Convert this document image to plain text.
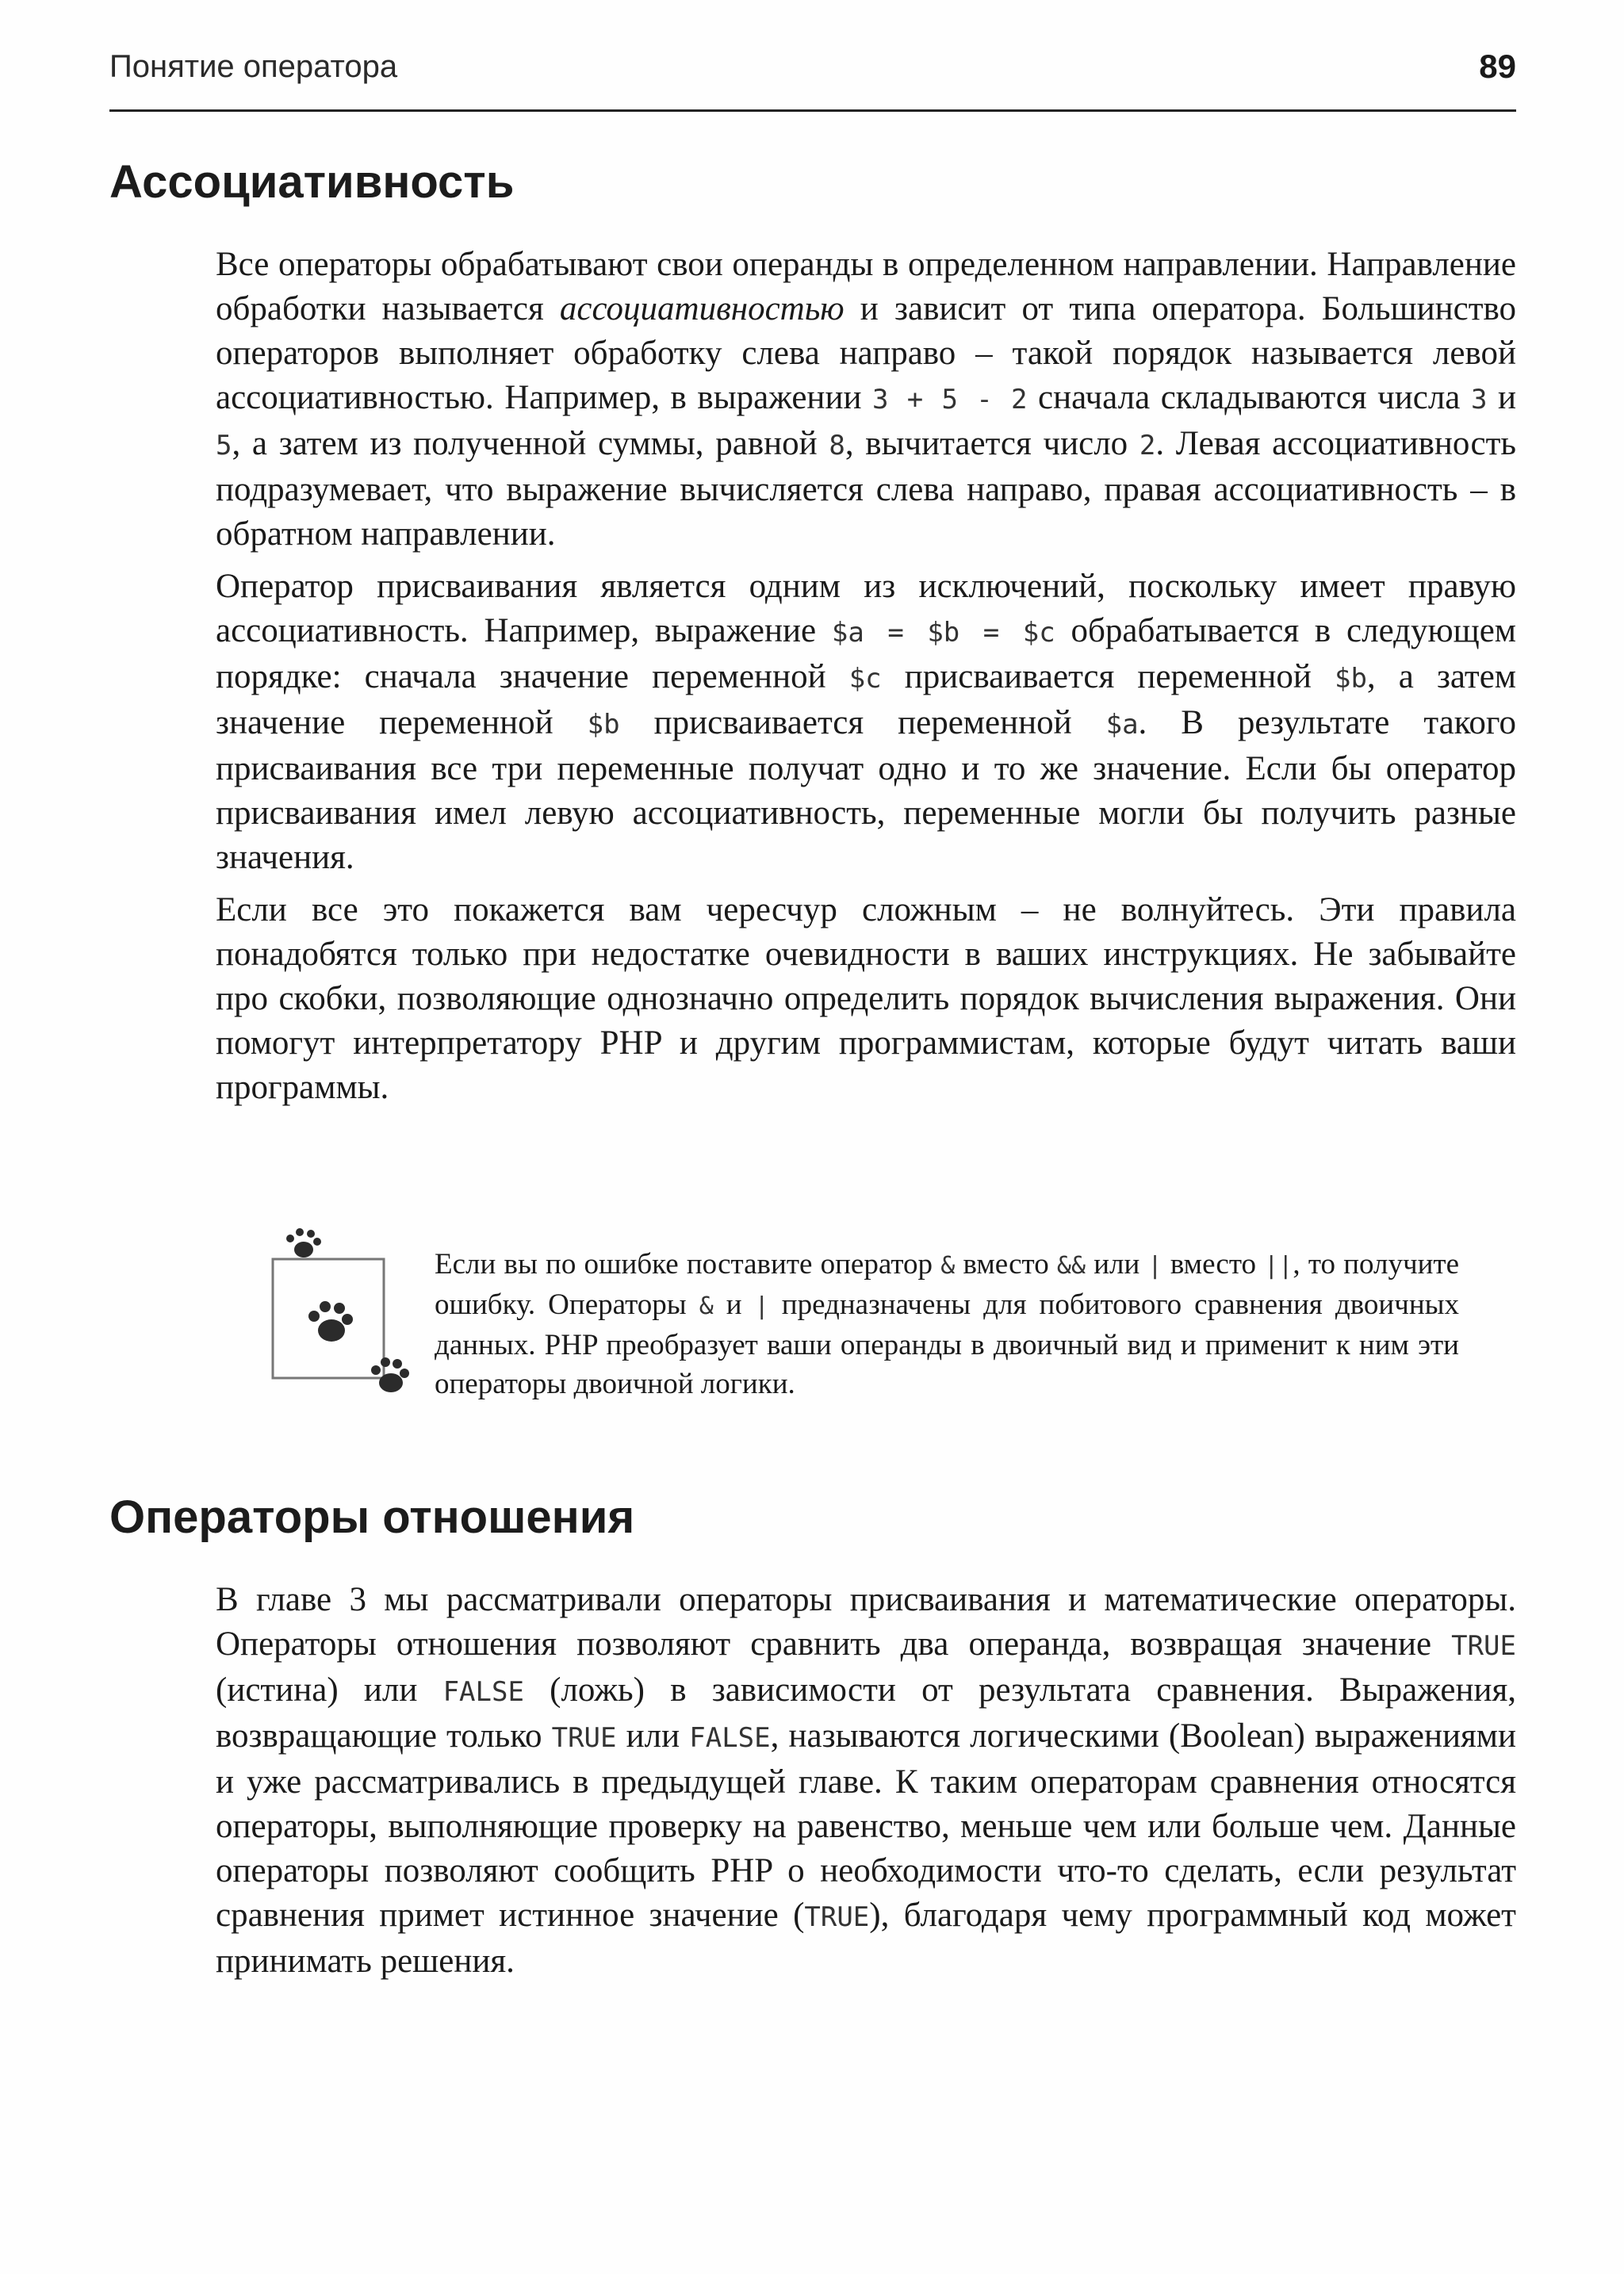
Понятие оператора	89
Ассоциативность

Все операторы обрабатывают свои операнды в определенном направлении. Направление обработки называется ассоциативностью и зависит от типа оператора. Большинство операторов выполняет обработку слева направо – такой порядок называется левой ассоциативностью. Например, в выражении 3 + 5 - 2 сначала складываются числа 3 и 5, а затем из полученной суммы, равной 8, вычитается число 2. Левая ассоциативность подразумевает, что выражение вычисляется слева направо, правая ассоциативность – в обратном направлении.

Оператор присваивания является одним из исключений, поскольку имеет правую ассоциативность. Например, выражение $a = $b = $c обрабатывается в следующем порядке: сначала значение переменной $c присваивается переменной $b, а затем значение переменной $b присваивается переменной $a. В результате такого присваивания все три переменные получат одно и то же значение. Если бы оператор присваивания имел левую ассоциативность, переменные могли бы получить разные значения.

Если все это покажется вам чересчур сложным – не волнуйтесь. Эти правила понадобятся только при недостатке очевидности в ваших инструкциях. Не забывайте про скобки, позволяющие однозначно определить порядок вычисления выражения. Они помогут интерпретатору PHP и другим программистам, которые будут читать ваши программы.

Если вы по ошибке поставите оператор & вместо && или | вместо ||, то получите ошибку. Операторы & и | предназначены для побитового сравнения двоичных данных. PHP преобразует ваши операнды в двоичный вид и применит к ним эти операторы двоичной логики.
Операторы отношения

В главе 3 мы рассматривали операторы присваивания и математические операторы. Операторы отношения позволяют сравнить два операнда, возвращая значение TRUE (истина) или FALSE (ложь) в зависимости от результата сравнения. Выражения, возвращающие только TRUE или FALSE, называются логическими (Boolean) выражениями и уже рассматривались в предыдущей главе. К таким операторам сравнения относятся операторы, выполняющие проверку на равенство, меньше чем или больше чем. Данные операторы позволяют сообщить PHP о необходимости что-то сделать, если результат сравнения примет истинное значение (TRUE), благодаря чему программный код может принимать решения.
